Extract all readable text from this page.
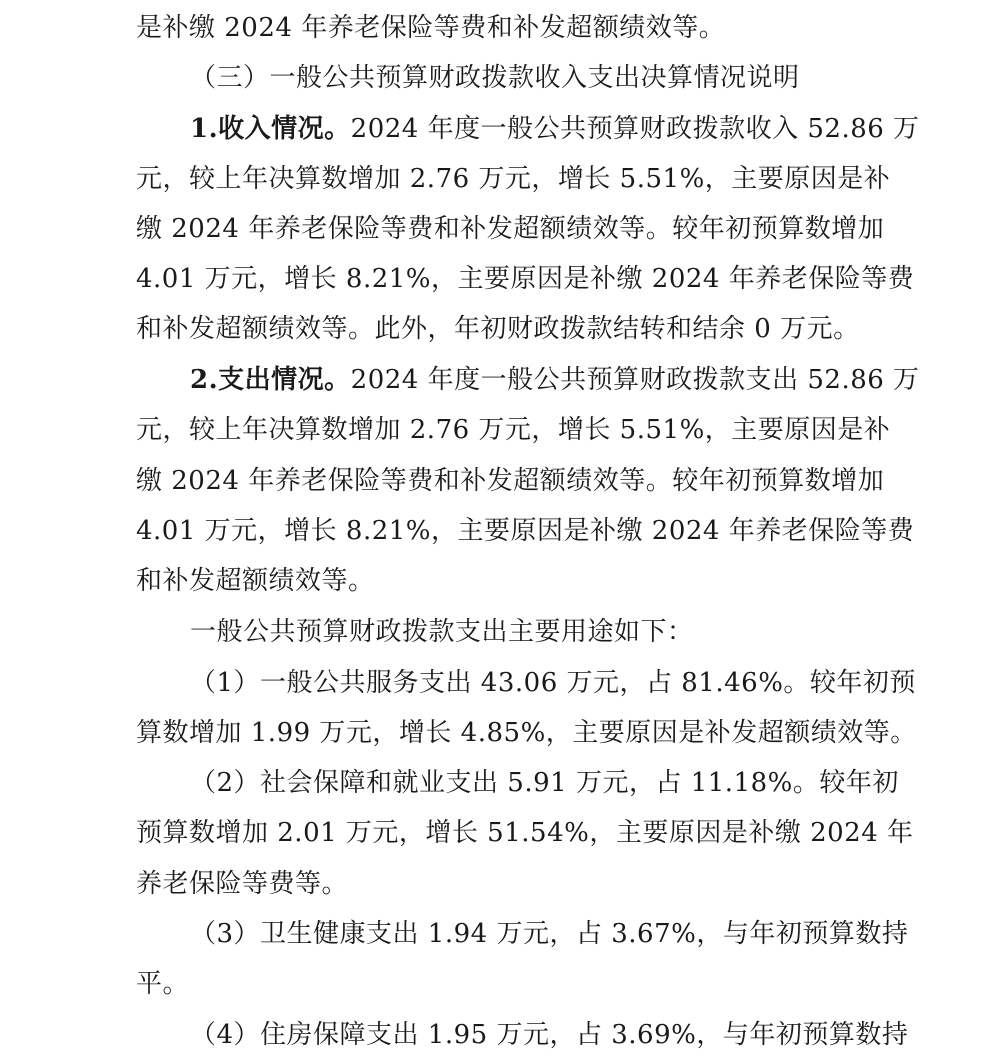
是补缴 2024 年养老保险等费和补发超额绩效等。
（三）一般公共预算财政拨款收入支出决算情况说明
1.收入情况。2024 年度一般公共预算财政拨款收入 52.86 万
元，较上年决算数增加 2.76 万元，增长 5.51%，主要原因是补
缴 2024 年养老保险等费和补发超额绩效等。较年初预算数增加
4.01 万元，增长 8.21%，主要原因是补缴 2024 年养老保险等费
和补发超额绩效等。此外，年初财政拨款结转和结余 0 万元。
2.支出情况。2024 年度一般公共预算财政拨款支出 52.86 万
元，较上年决算数增加 2.76 万元，增长 5.51%，主要原因是补
缴 2024 年养老保险等费和补发超额绩效等。较年初预算数增加
4.01 万元，增长 8.21%，主要原因是补缴 2024 年养老保险等费
和补发超额绩效等。
一般公共预算财政拨款支出主要用途如下：
（1）一般公共服务支出 43.06 万元，占 81.46%。较年初预
算数增加 1.99 万元，增长 4.85%，主要原因是补发超额绩效等。
（2）社会保障和就业支出 5.91 万元，占 11.18%。较年初
预算数增加 2.01 万元，增长 51.54%，主要原因是补缴 2024 年
养老保险等费等。
（3）卫生健康支出 1.94 万元，占 3.67%，与年初预算数持
平。
（4）住房保障支出 1.95 万元，占 3.69%，与年初预算数持
